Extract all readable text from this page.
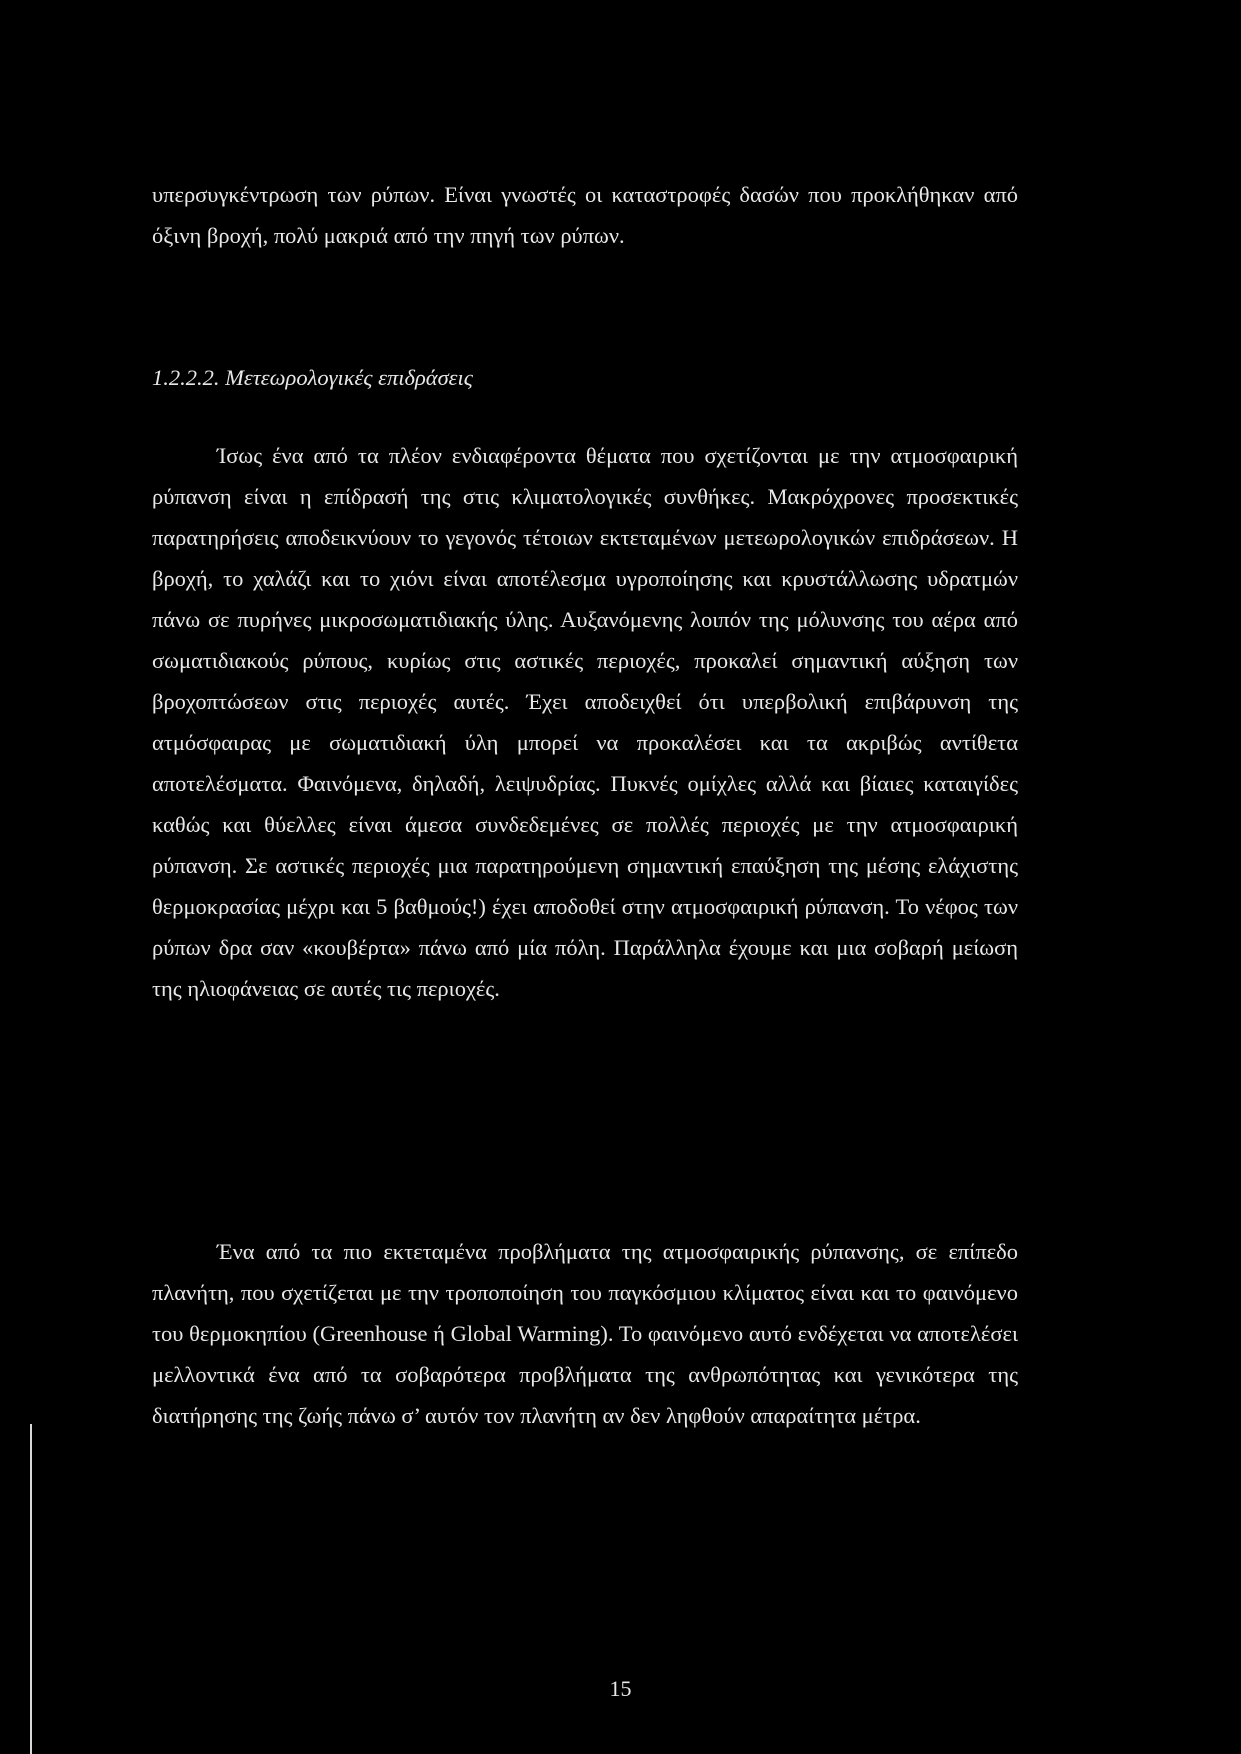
υπερσυγκέντρωση των ρύπων. Είναι γνωστές οι καταστροφές δασών που προκλήθηκαν από όξινη βροχή, πολύ μακριά από την πηγή των ρύπων.

1.2.2.2. Μετεωρολογικές επιδράσεις

Ίσως ένα από τα πλέον ενδιαφέροντα θέματα που σχετίζονται με την ατμοσφαιρική ρύπανση είναι η επίδρασή της στις κλιματολογικές συνθήκες. Μακρόχρονες προσεκτικές παρατηρήσεις αποδεικνύουν το γεγονός τέτοιων εκτεταμένων μετεωρολογικών επιδράσεων. Η βροχή, το χαλάζι και το χιόνι είναι αποτέλεσμα υγροποίησης και κρυστάλλωσης υδρατμών πάνω σε πυρήνες μικροσωματιδιακής ύλης. Αυξανόμενης λοιπόν της μόλυνσης του αέρα από σωματιδιακούς ρύπους, κυρίως στις αστικές περιοχές, προκαλεί σημαντική αύξηση των βροχοπτώσεων στις περιοχές αυτές. Έχει αποδειχθεί ότι υπερβολική επιβάρυνση της ατμόσφαιρας με σωματιδιακή ύλη μπορεί να προκαλέσει και τα ακριβώς αντίθετα αποτελέσματα. Φαινόμενα, δηλαδή, λειψυδρίας. Πυκνές ομίχλες αλλά και βίαιες καταιγίδες καθώς και θύελλες είναι άμεσα συνδεδεμένες σε πολλές περιοχές με την ατμοσφαιρική ρύπανση. Σε αστικές περιοχές μια παρατηρούμενη σημαντική επαύξηση της μέσης ελάχιστης θερμοκρασίας μέχρι και 5 βαθμούς!) έχει αποδοθεί στην ατμοσφαιρική ρύπανση. Το νέφος των ρύπων δρα σαν «κουβέρτα» πάνω από μία πόλη. Παράλληλα έχουμε και μια σοβαρή μείωση της ηλιοφάνειας σε αυτές τις περιοχές.

Ένα από τα πιο εκτεταμένα προβλήματα της ατμοσφαιρικής ρύπανσης, σε επίπεδο πλανήτη, που σχετίζεται με την τροποποίηση του παγκόσμιου κλίματος είναι και το φαινόμενο του θερμοκηπίου (Greenhouse ή Global Warming). Το φαινόμενο αυτό ενδέχεται να αποτελέσει μελλοντικά ένα από τα σοβαρότερα προβλήματα της ανθρωπότητας και γενικότερα της διατήρησης της ζωής πάνω σ’ αυτόν τον πλανήτη αν δεν ληφθούν απαραίτητα μέτρα.

15
